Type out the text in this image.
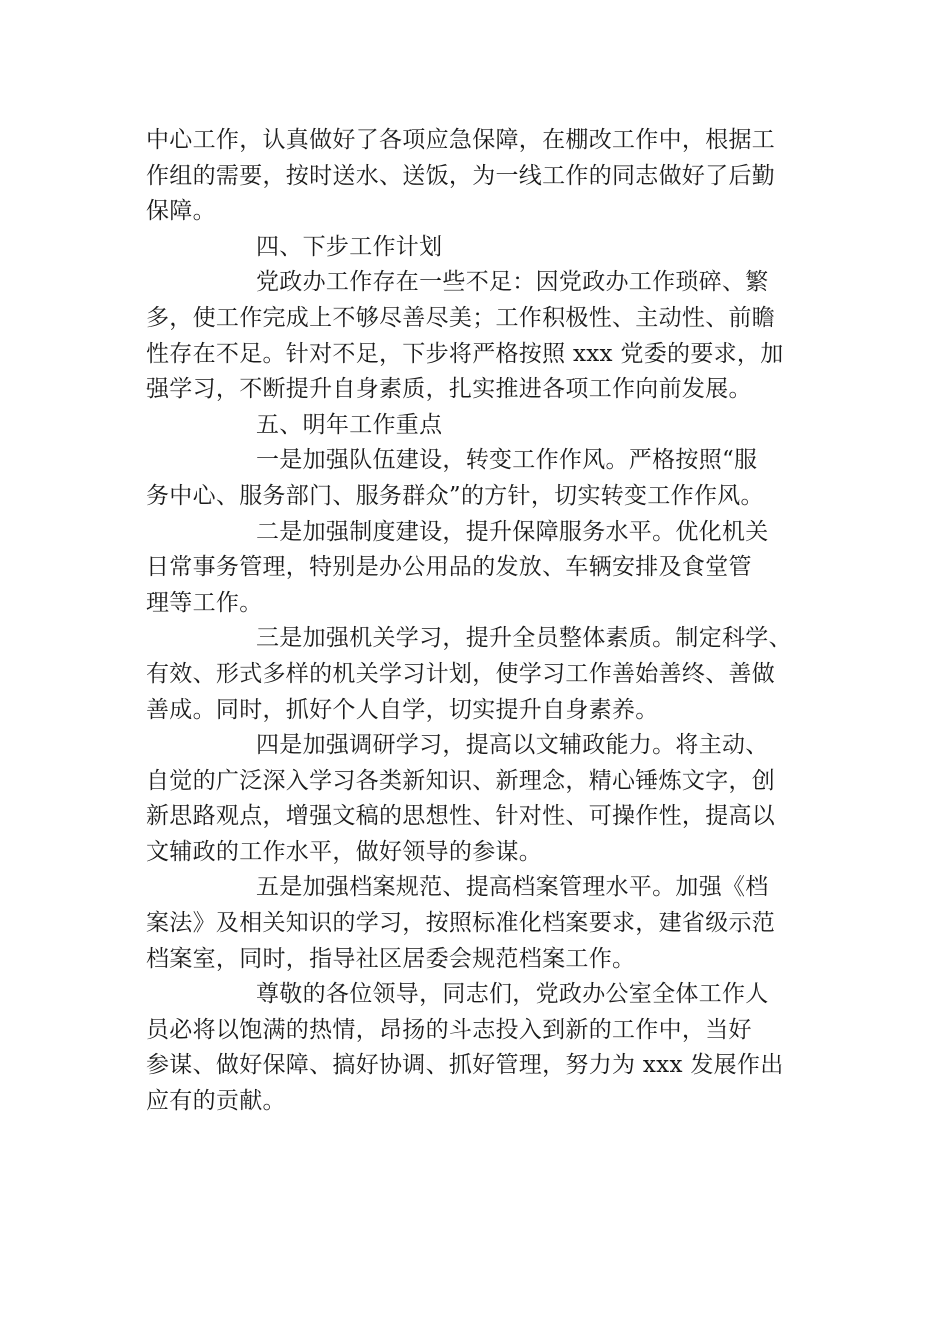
中心工作，认真做好了各项应急保障，在棚改工作中，根据工
作组的需要，按时送水、送饭，为一线工作的同志做好了后勤
保障。
四、下步工作计划
党政办工作存在一些不足：因党政办工作琐碎、繁
多，使工作完成上不够尽善尽美；工作积极性、主动性、前瞻
性存在不足。针对不足，下步将严格按照 xxx 党委的要求，加
强学习，不断提升自身素质，扎实推进各项工作向前发展。
五、明年工作重点
一是加强队伍建设，转变工作作风。严格按照“服
务中心、服务部门、服务群众”的方针，切实转变工作作风。
二是加强制度建设，提升保障服务水平。优化机关
日常事务管理，特别是办公用品的发放、车辆安排及食堂管
理等工作。
三是加强机关学习，提升全员整体素质。制定科学、
有效、形式多样的机关学习计划，使学习工作善始善终、善做
善成。同时，抓好个人自学，切实提升自身素养。
四是加强调研学习，提高以文辅政能力。将主动、
自觉的广泛深入学习各类新知识、新理念，精心锤炼文字，创
新思路观点，增强文稿的思想性、针对性、可操作性，提高以
文辅政的工作水平，做好领导的参谋。
五是加强档案规范、提高档案管理水平。加强《档
案法》及相关知识的学习，按照标准化档案要求，建省级示范
档案室，同时，指导社区居委会规范档案工作。
尊敬的各位领导，同志们，党政办公室全体工作人
员必将以饱满的热情，昂扬的斗志投入到新的工作中，当好
参谋、做好保障、搞好协调、抓好管理，努力为 xxx 发展作出
应有的贡献。
